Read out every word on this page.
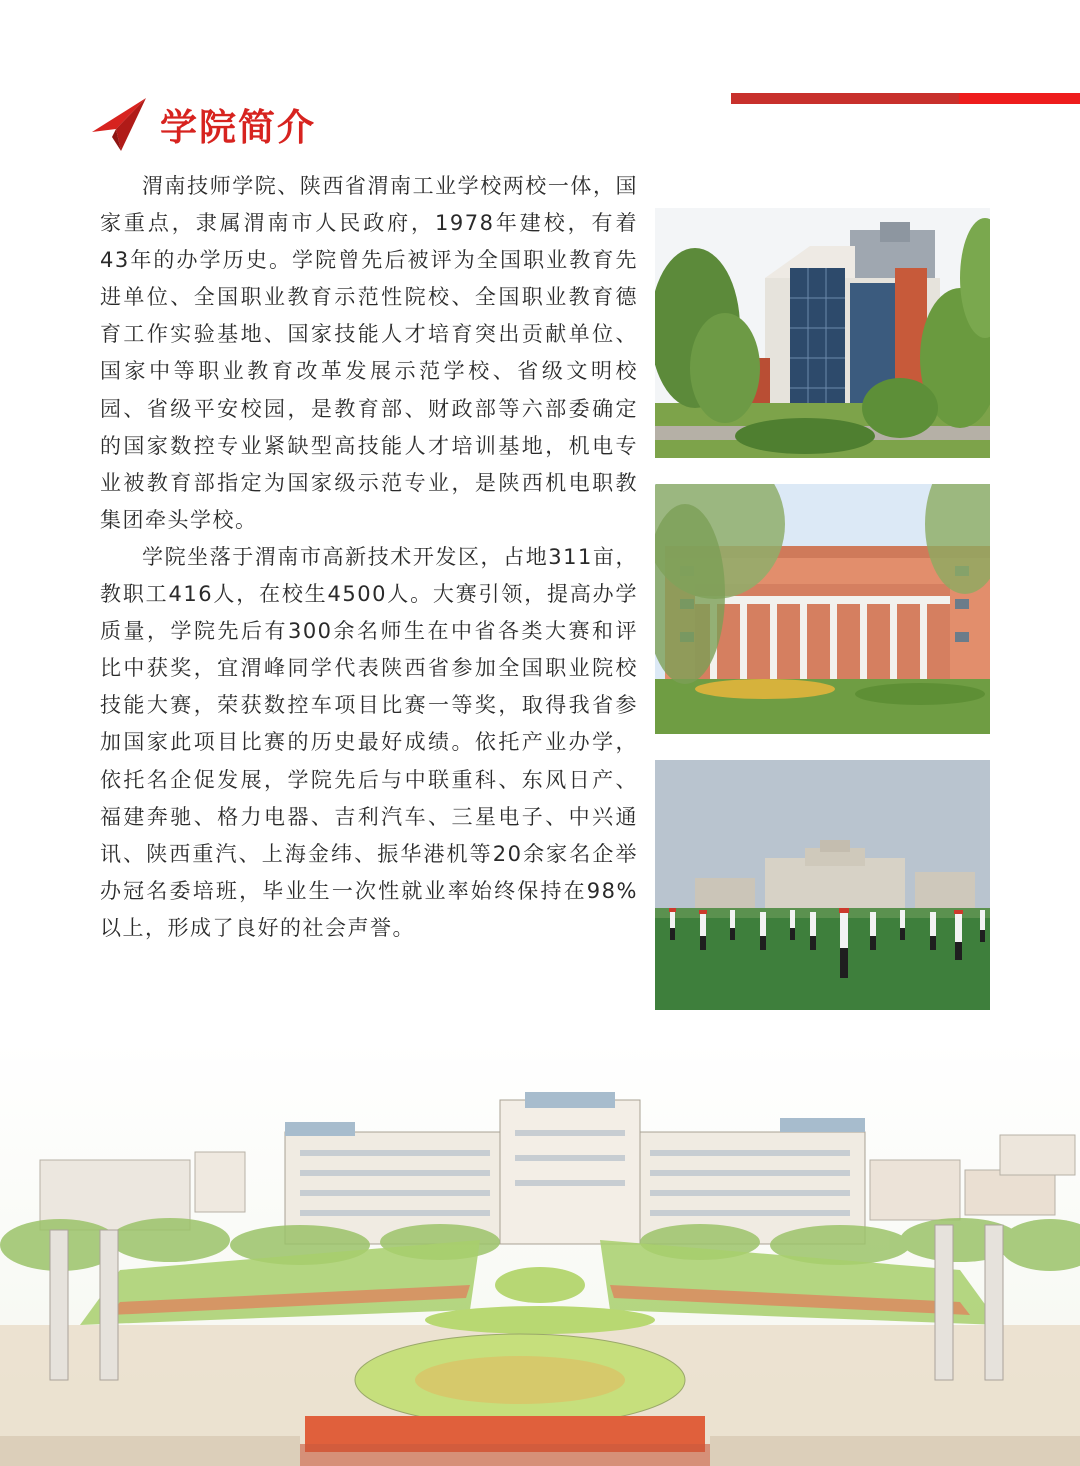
学院简介

渭南技师学院、陕西省渭南工业学校两校一体，国家重点，隶属渭南市人民政府，1978年建校，有着43年的办学历史。学院曾先后被评为全国职业教育先进单位、全国职业教育示范性院校、全国职业教育德育工作实验基地、国家技能人才培育突出贡献单位、国家中等职业教育改革发展示范学校、省级文明校园、省级平安校园，是教育部、财政部等六部委确定的国家数控专业紧缺型高技能人才培训基地，机电专业被教育部指定为国家级示范专业，是陕西机电职教集团牵头学校。

学院坐落于渭南市高新技术开发区，占地311亩，教职工416人，在校生4500人。大赛引领，提高办学质量，学院先后有300余名师生在中省各类大赛和评比中获奖，宜渭峰同学代表陕西省参加全国职业院校技能大赛，荣获数控车项目比赛一等奖，取得我省参加国家此项目比赛的历史最好成绩。依托产业办学，依托名企促发展，学院先后与中联重科、东风日产、福建奔驰、格力电器、吉利汽车、三星电子、中兴通讯、陕西重汽、上海金纬、振华港机等20余家名企举办冠名委培班，毕业生一次性就业率始终保持在98%以上，形成了良好的社会声誉。
